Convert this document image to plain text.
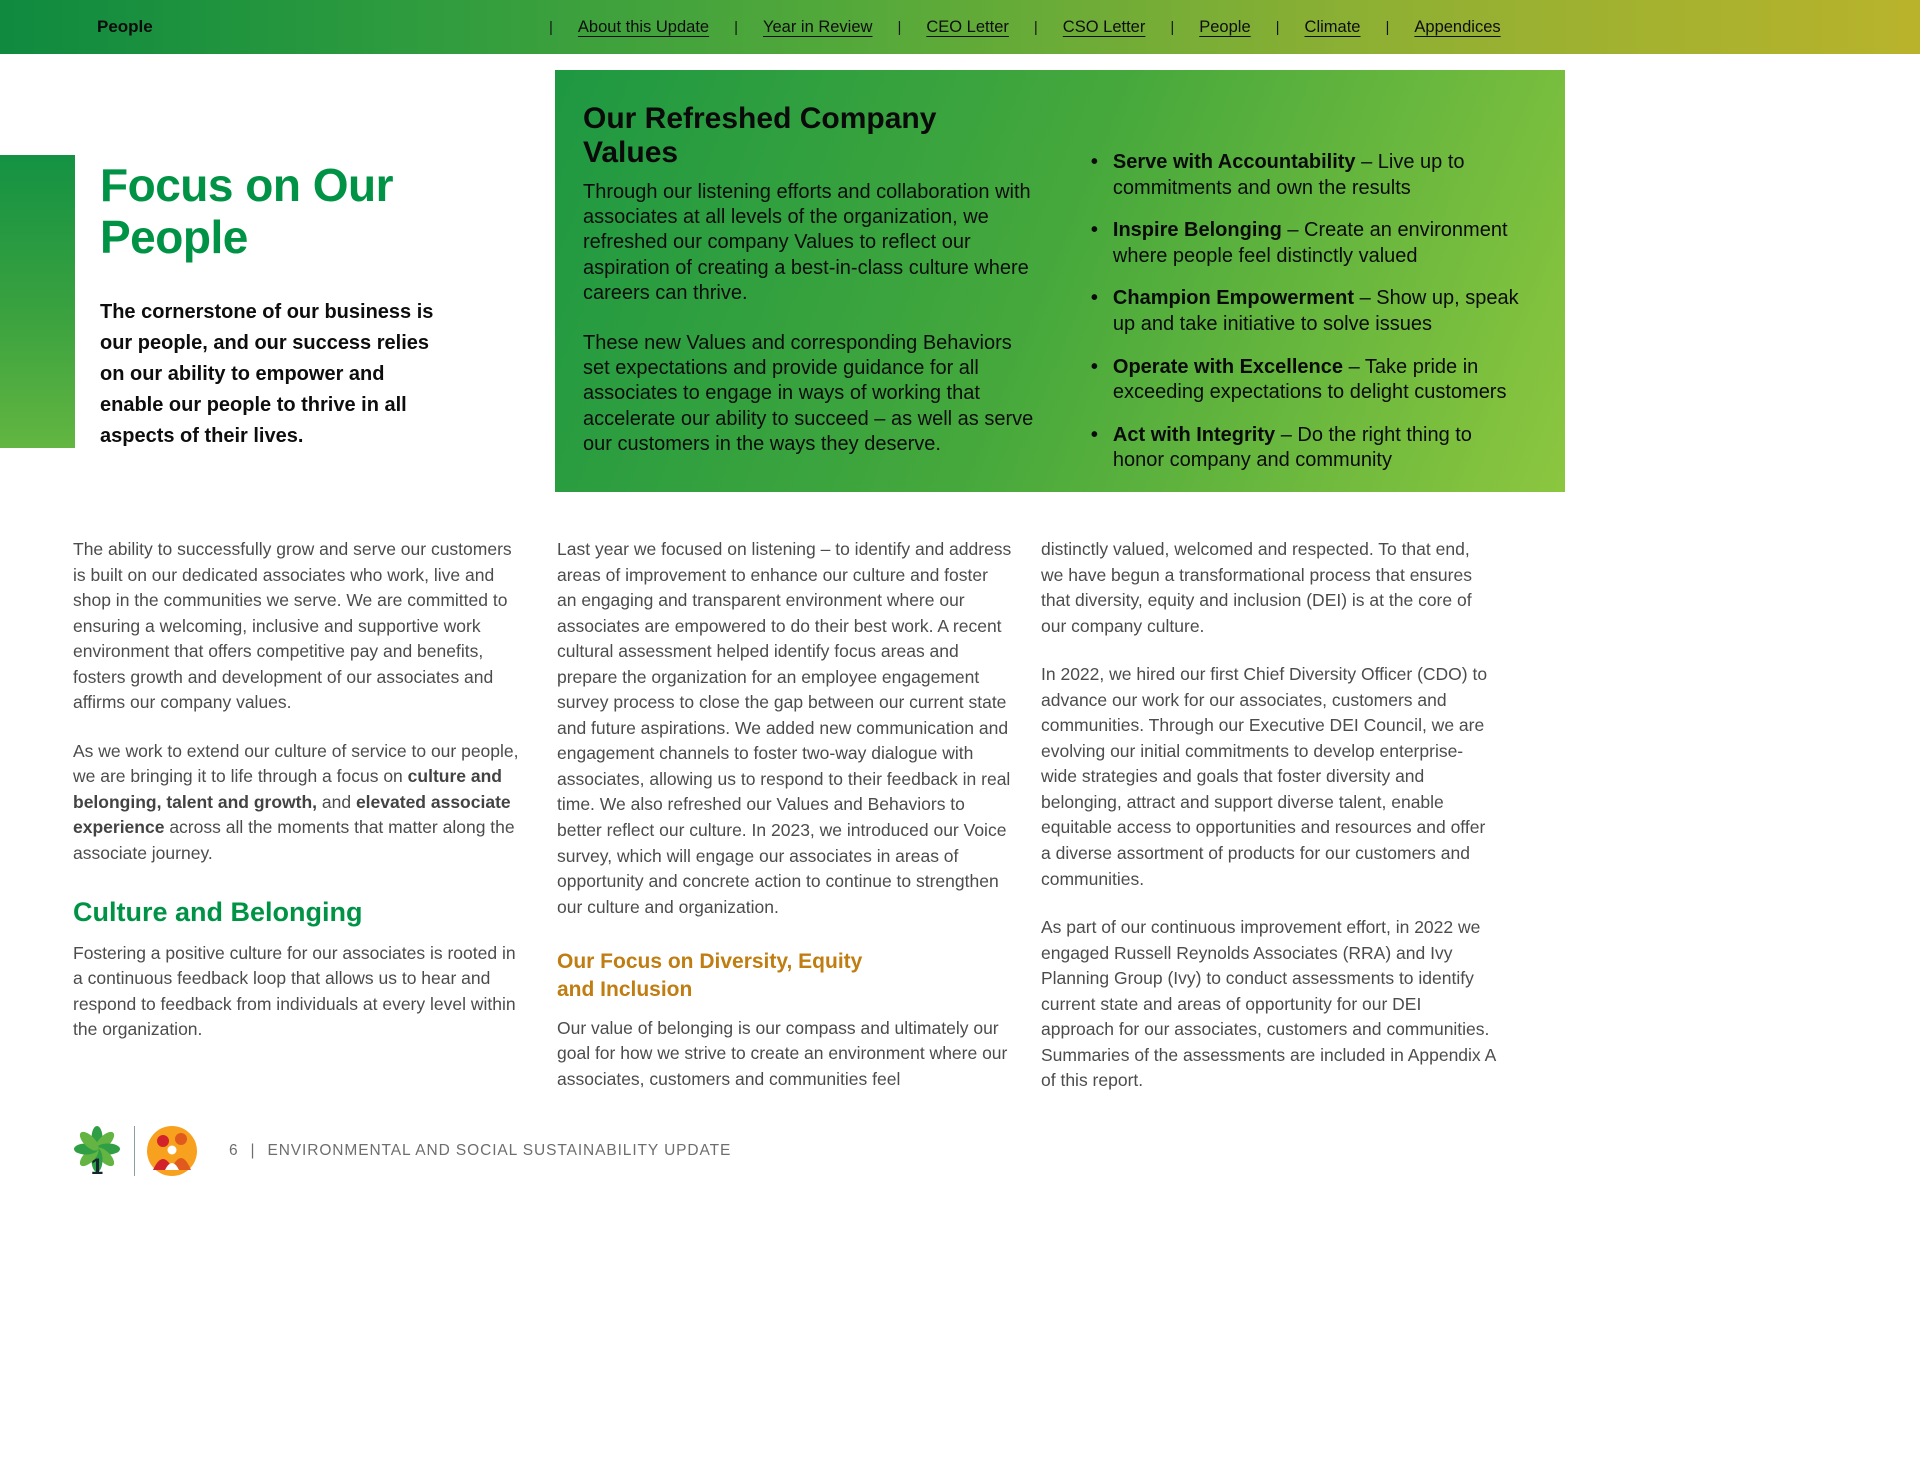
People	| About this Update | Year in Review | CEO Letter | CSO Letter | People | Climate | Appendices
Focus on Our
People
The cornerstone of our business is our people, and our success relies on our ability to empower and enable our people to thrive in all aspects of their lives.
Our Refreshed Company Values

Through our listening efforts and collaboration with associates at all levels of the organization, we refreshed our company Values to reflect our aspiration of creating a best-in-class culture where careers can thrive.

These new Values and corresponding Behaviors set expectations and provide guidance for all associates to engage in ways of working that accelerate our ability to succeed – as well as serve our customers in the ways they deserve.

• Serve with Accountability – Live up to commitments and own the results
• Inspire Belonging – Create an environment where people feel distinctly valued
• Champion Empowerment – Show up, speak up and take initiative to solve issues
• Operate with Excellence – Take pride in exceeding expectations to delight customers
• Act with Integrity – Do the right thing to honor company and community

The ability to successfully grow and serve our customers is built on our dedicated associates who work, live and shop in the communities we serve. We are committed to ensuring a welcoming, inclusive and supportive work environment that offers competitive pay and benefits, fosters growth and development of our associates and affirms our company values.

As we work to extend our culture of service to our people, we are bringing it to life through a focus on culture and belonging, talent and growth, and elevated associate experience across all the moments that matter along the associate journey.

Culture and Belonging

Fostering a positive culture for our associates is rooted in a continuous feedback loop that allows us to hear and respond to feedback from individuals at every level within the organization.

Last year we focused on listening – to identify and address areas of improvement to enhance our culture and foster an engaging and transparent environment where our associates are empowered to do their best work. A recent cultural assessment helped identify focus areas and prepare the organization for an employee engagement survey process to close the gap between our current state and future aspirations. We added new communication and engagement channels to foster two-way dialogue with associates, allowing us to respond to their feedback in real time. We also refreshed our Values and Behaviors to better reflect our culture. In 2023, we introduced our Voice survey, which will engage our associates in areas of opportunity and concrete action to continue to strengthen our culture and organization.

Our Focus on Diversity, Equity and Inclusion

Our value of belonging is our compass and ultimately our goal for how we strive to create an environment where our associates, customers and communities feel

distinctly valued, welcomed and respected. To that end, we have begun a transformational process that ensures that diversity, equity and inclusion (DEI) is at the core of our company culture.

In 2022, we hired our first Chief Diversity Officer (CDO) to advance our work for our associates, customers and communities. Through our Executive DEI Council, we are evolving our initial commitments to develop enterprise-wide strategies and goals that foster diversity and belonging, attract and support diverse talent, enable equitable access to opportunities and resources and offer a diverse assortment of products for our customers and communities.

As part of our continuous improvement effort, in 2022 we engaged Russell Reynolds Associates (RRA) and Ivy Planning Group (Ivy) to conduct assessments to identify current state and areas of opportunity for our DEI approach for our associates, customers and communities. Summaries of the assessments are included in Appendix A of this report.

1
6 | ENVIRONMENTAL AND SOCIAL SUSTAINABILITY UPDATE
